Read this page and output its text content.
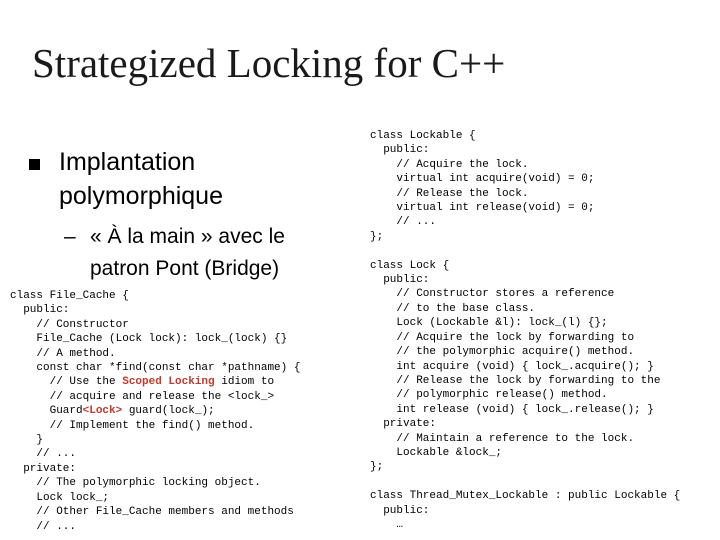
Strategized Locking for C++
Implantation
polymorphique
– « À la main » avec le
patron Pont (Bridge)
class File_Cache {
public:
// Constructor
File_Cache (Lock lock): lock_(lock) {}
// A method.
const char *find(const char *pathname) {
// Use the Scoped Locking idiom to
// acquire and release the <lock_>
Guard<Lock> guard(lock_);
// Implement the find() method.
}
// ...
private:
// The polymorphic locking object.
Lock lock_;
// Other File_Cache members and methods
// ...
class Lockable {
public:
// Acquire the lock.
virtual int acquire(void) = 0;
// Release the lock.
virtual int release(void) = 0;
// ...
};

class Lock {
public:
// Constructor stores a reference
// to the base class.
Lock (Lockable &l): lock_(l) {};
// Acquire the lock by forwarding to
// the polymorphic acquire() method.
int acquire (void) { lock_.acquire(); }
// Release the lock by forwarding to the
// polymorphic release() method.
int release (void) { lock_.release(); }
private:
// Maintain a reference to the lock.
Lockable &lock_;
};

class Thread_Mutex_Lockable : public Lockable {
public:
…
